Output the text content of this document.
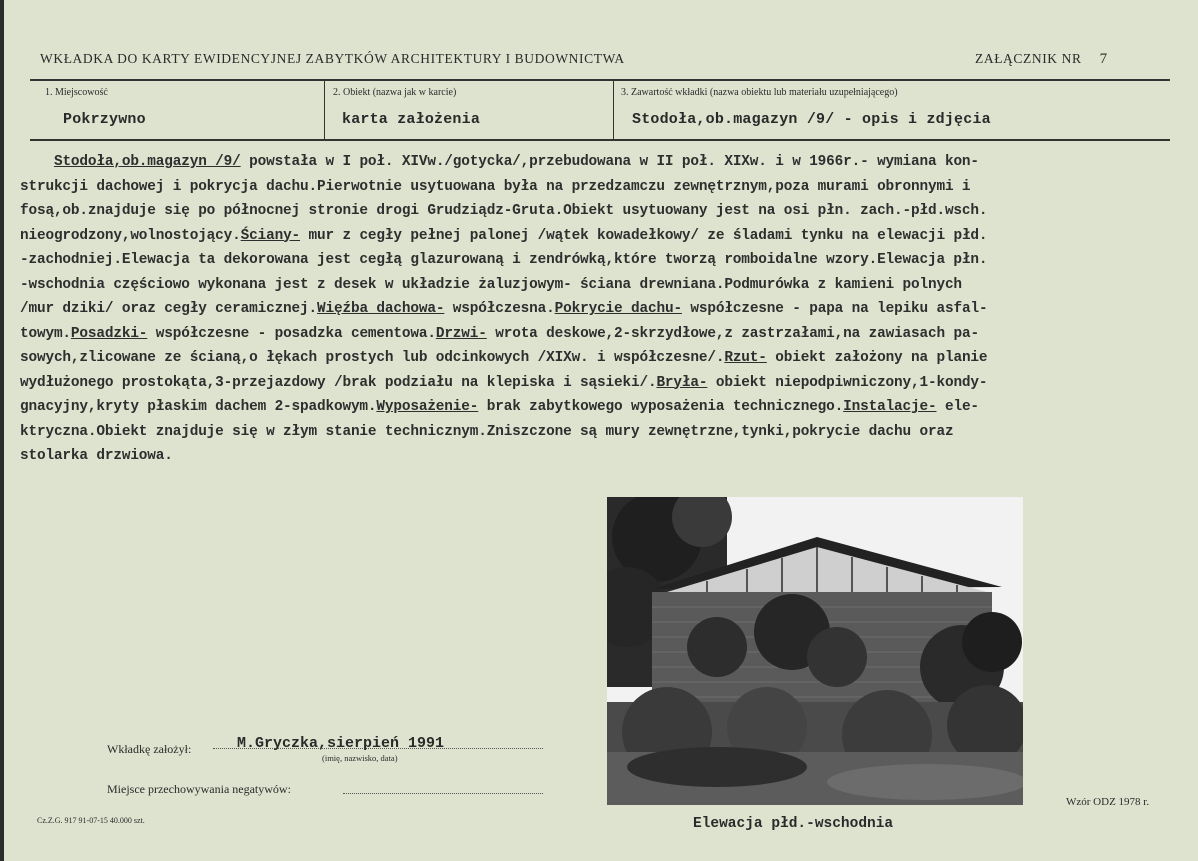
WKŁADKA DO KARTY EWIDENCYJNEJ ZABYTKÓW ARCHITEKTURY I BUDOWNICTWA	ZAŁĄCZNIK NR 7
1. Miejscowość
Pokrzywno
2. Obiekt (nazwa jak w karcie)
karta założenia
3. Zawartość wkładki (nazwa obiektu lub materiału uzupełniającego)
Stodoła,ob.magazyn /9/ - opis i zdjęcia

Stodoła,ob.magazyn /9/ powstała w I poł. XIVw./gotycka/,przebudowana w II poł. XIXw. i w 1966r.- wymiana kon-

strukcji dachowej i pokrycja dachu.Pierwotnie usytuowana była na przedzamczu zewnętrznym,poza murami obronnymi i

fosą,ob.znajduje się po północnej stronie drogi Grudziądz-Gruta.Obiekt usytuowany jest na osi płn. zach.-płd.wsch.

nieogrodzony,wolnostojący.Ściany- mur z cegły pełnej palonej /wątek kowadełkowy/ ze śladami tynku na elewacji płd.

-zachodniej.Elewacja ta dekorowana jest cegłą glazurowaną i zendrówką,które tworzą romboidalne wzory.Elewacja płn.

-wschodnia częściowo wykonana jest z desek w układzie żaluzjowym- ściana drewniana.Podmurówka z kamieni polnych

/mur dziki/ oraz cegły ceramicznej.Więźba dachowa- współczesna.Pokrycie dachu- współczesne - papa na lepiku asfal-

towym.Posadzki- współczesne - posadzka cementowa.Drzwi- wrota deskowe,2-skrzydłowe,z zastrzałami,na zawiasach pa-

sowych,zlicowane ze ścianą,o łękach prostych lub odcinkowych /XIXw. i współczesne/.Rzut- obiekt założony na planie

wydłużonego prostokąta,3-przejazdowy /brak podziału na klepiska i sąsieki/.Bryła- obiekt niepodpiwniczony,1-kondy-

gnacyjny,kryty płaskim dachem 2-spadkowym.Wyposażenie- brak zabytkowego wyposażenia technicznego.Instalacje- ele-

ktryczna.Obiekt znajduje się w złym stanie technicznym.Zniszczone są mury zewnętrzne,tynki,pokrycie dachu oraz

stolarka drzwiowa.

Elewacja płd.-wschodnia
Wkładkę założył:	M.Gryczka,sierpień 1991
(imię, nazwisko, data)
Miejsce przechowywania negatywów:
Wzór ODZ 1978 r.
Cz.Z.G. 917 91-07-15 40.000 szt.
